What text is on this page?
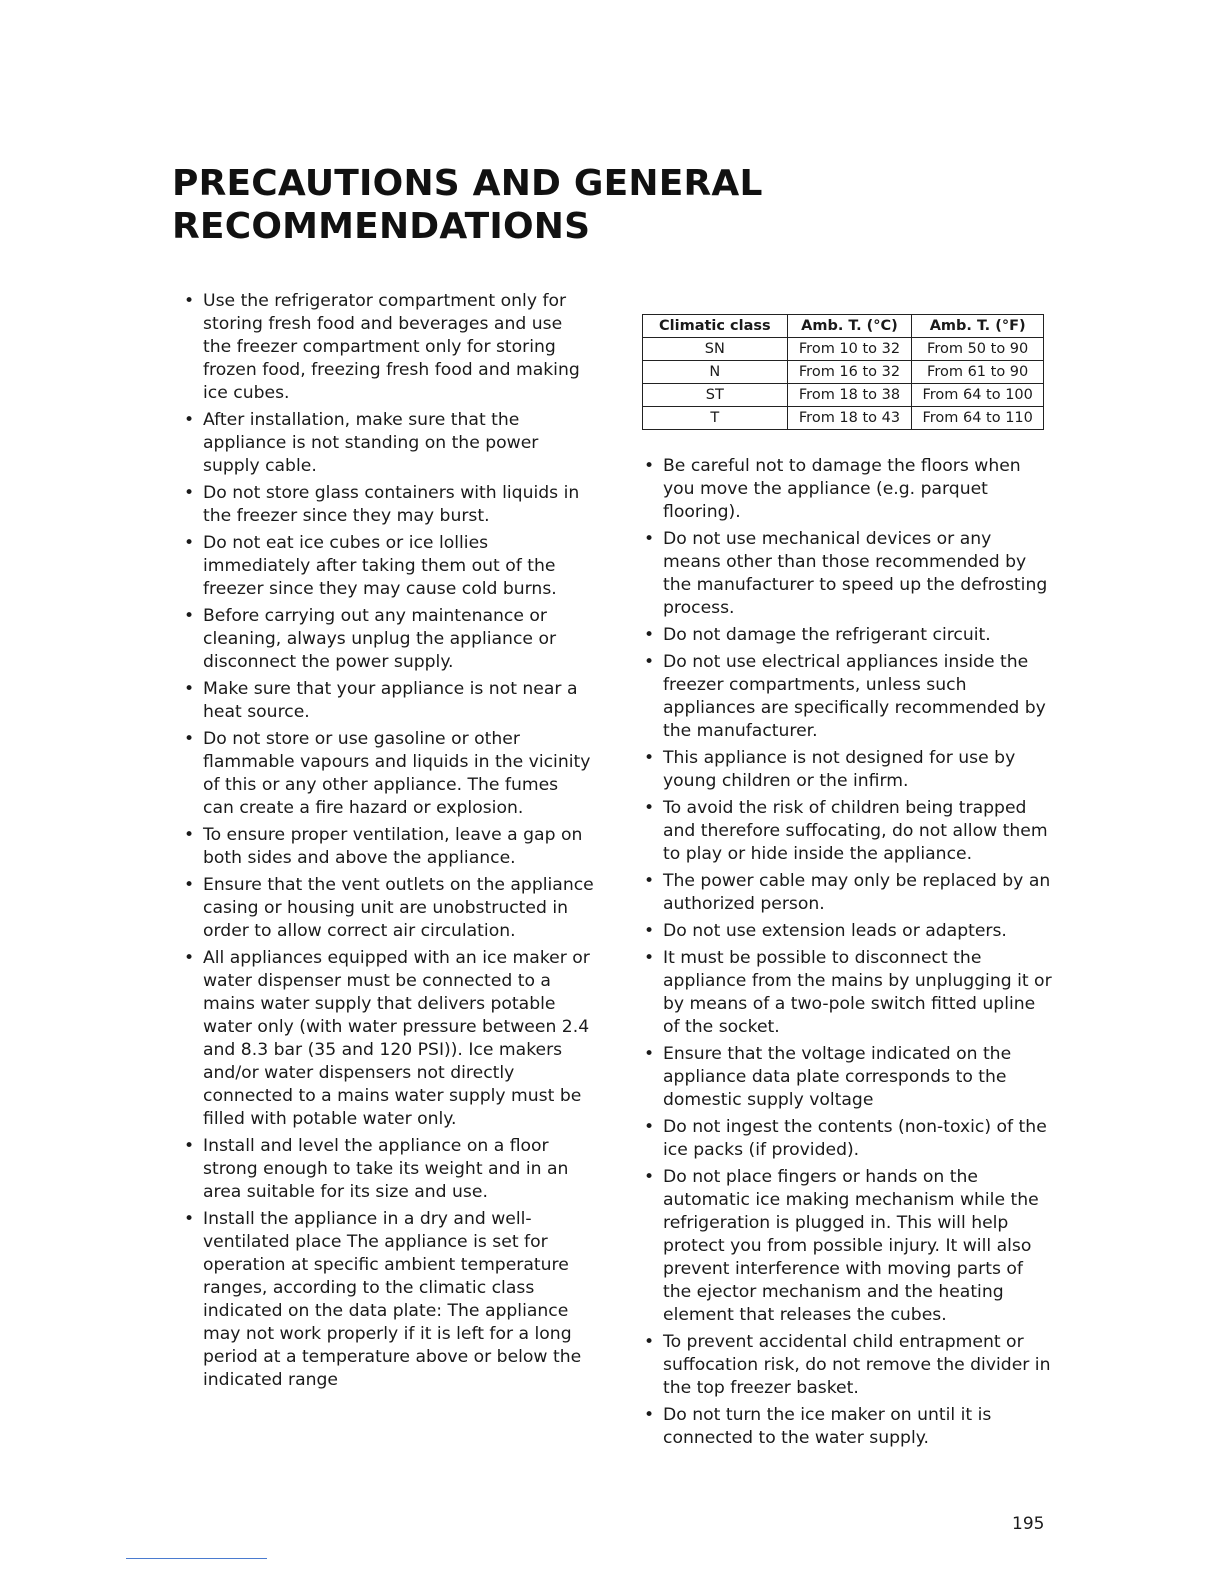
PRECAUTIONS AND GENERAL
RECOMMENDATIONS
• Use the refrigerator compartment only for storing fresh food and beverages and use the freezer compartment only for storing frozen food, freezing fresh food and making ice cubes.
• After installation, make sure that the appliance is not standing on the power supply cable.
• Do not store glass containers with liquids in the freezer since they may burst.
• Do not eat ice cubes or ice lollies immediately after taking them out of the freezer since they may cause cold burns.
• Before carrying out any maintenance or cleaning, always unplug the appliance or disconnect the power supply.
• Make sure that your appliance is not near a heat source.
• Do not store or use gasoline or other flammable vapours and liquids in the vicinity of this or any other appliance. The fumes can create a fire hazard or explosion.
• To ensure proper ventilation, leave a gap on both sides and above the appliance.
• Ensure that the vent outlets on the appliance casing or housing unit are unobstructed in order to allow correct air circulation.
• All appliances equipped with an ice maker or water dispenser must be connected to a mains water supply that delivers potable water only (with water pressure between 2.4 and 8.3 bar (35 and 120 PSI)). Ice makers and/or water dispensers not directly connected to a mains water supply must be filled with potable water only.
• Install and level the appliance on a floor strong enough to take its weight and in an area suitable for its size and use.
• Install the appliance in a dry and well-ventilated place The appliance is set for operation at specific ambient temperature ranges, according to the climatic class indicated on the data plate: The appliance may not work properly if it is left for a long period at a temperature above or below the indicated range
Climatic class	Amb. T. (°C)	Amb. T. (°F)
SN	From 10 to 32	From 50 to 90
N	From 16 to 32	From 61 to 90
ST	From 18 to 38	From 64 to 100
T	From 18 to 43	From 64 to 110
• Be careful not to damage the floors when you move the appliance (e.g. parquet flooring).
• Do not use mechanical devices or any means other than those recommended by the manufacturer to speed up the defrosting process.
• Do not damage the refrigerant circuit.
• Do not use electrical appliances inside the freezer compartments, unless such appliances are specifically recommended by the manufacturer.
• This appliance is not designed for use by young children or the infirm.
• To avoid the risk of children being trapped and therefore suffocating, do not allow them to play or hide inside the appliance.
• The power cable may only be replaced by an authorized person.
• Do not use extension leads or adapters.
• It must be possible to disconnect the appliance from the mains by unplugging it or by means of a two-pole switch fitted upline of the socket.
• Ensure that the voltage indicated on the appliance data plate corresponds to the domestic supply voltage
• Do not ingest the contents (non-toxic) of the ice packs (if provided).
• Do not place fingers or hands on the automatic ice making mechanism while the refrigeration is plugged in. This will help protect you from possible injury. It will also prevent interference with moving parts of the ejector mechanism and the heating element that releases the cubes.
• To prevent accidental child entrapment or suffocation risk, do not remove the divider in the top freezer basket.
• Do not turn the ice maker on until it is connected to the water supply.
195
